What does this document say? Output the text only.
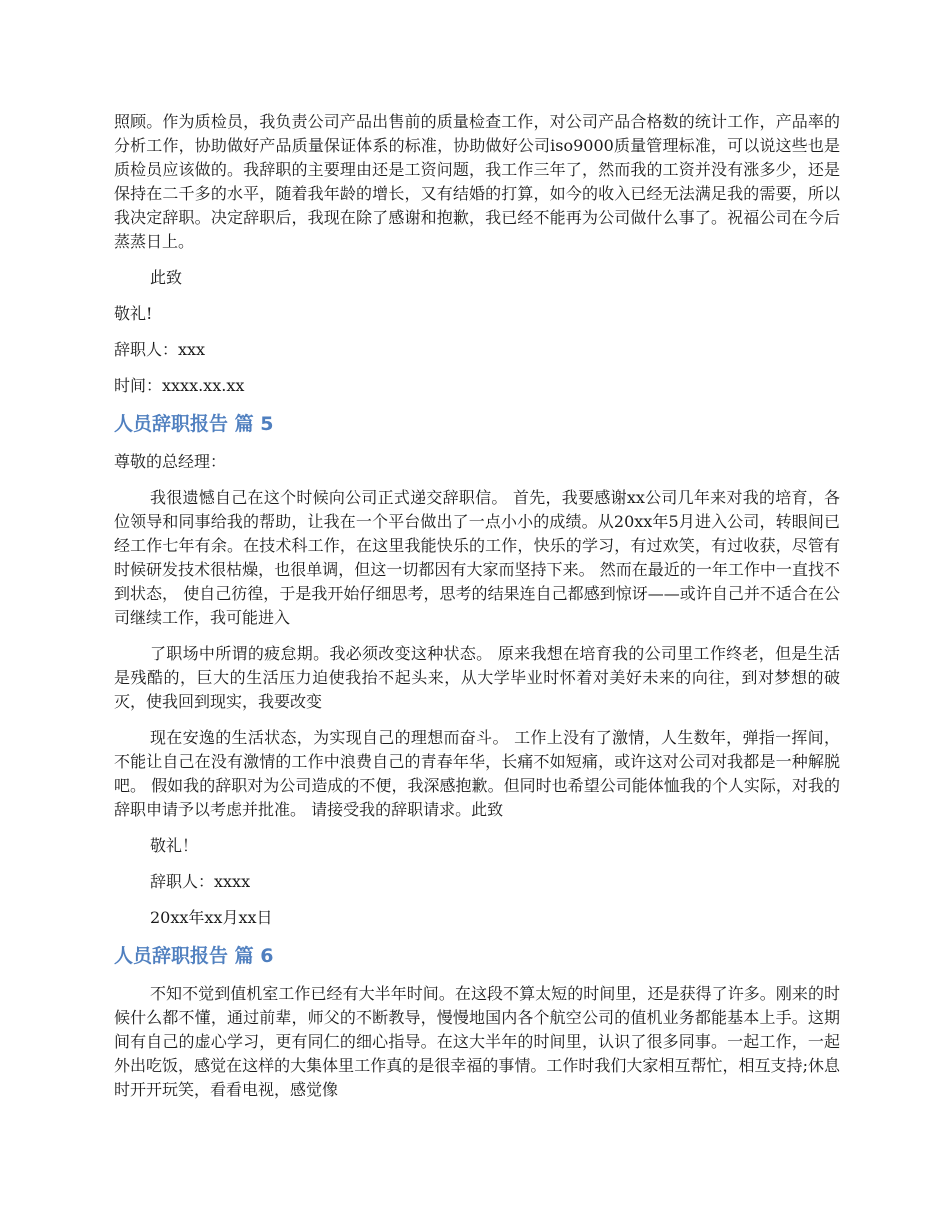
照顾。作为质检员，我负责公司产品出售前的质量检查工作，对公司产品合格数的统计工作，产品率的分析工作，协助做好产品质量保证体系的标准，协助做好公司iso9000质量管理标准，可以说这些也是质检员应该做的。我辞职的主要理由还是工资问题，我工作三年了，然而我的工资并没有涨多少，还是保持在二千多的水平，随着我年龄的增长，又有结婚的打算，如今的收入已经无法满足我的需要，所以我决定辞职。决定辞职后，我现在除了感谢和抱歉，我已经不能再为公司做什么事了。祝福公司在今后蒸蒸日上。

此致

敬礼!

辞职人：xxx

时间：xxxx.xx.xx

人员辞职报告 篇 5

尊敬的总经理：

我很遗憾自己在这个时候向公司正式递交辞职信。 首先，我要感谢xx公司几年来对我的培育，各位领导和同事给我的帮助，让我在一个平台做出了一点小小的成绩。从20xx年5月进入公司，转眼间已经工作七年有余。在技术科工作，在这里我能快乐的工作，快乐的学习，有过欢笑，有过收获，尽管有时候研发技术很枯燥，也很单调，但这一切都因有大家而坚持下来。 然而在最近的一年工作中一直找不到状态， 使自己彷徨，于是我开始仔细思考，思考的结果连自己都感到惊讶——或许自己并不适合在公司继续工作，我可能进入

了职场中所谓的疲怠期。我必须改变这种状态。 原来我想在培育我的公司里工作终老，但是生活是残酷的，巨大的生活压力迫使我抬不起头来，从大学毕业时怀着对美好未来的向往，到对梦想的破灭，使我回到现实，我要改变

现在安逸的生活状态，为实现自己的理想而奋斗。 工作上没有了激情，人生数年，弹指一挥间，不能让自己在没有激情的工作中浪费自己的青春年华，长痛不如短痛，或许这对公司对我都是一种解脱吧。 假如我的辞职对为公司造成的不便，我深感抱歉。但同时也希望公司能体恤我的个人实际，对我的辞职申请予以考虑并批准。 请接受我的辞职请求。此致

敬礼！

辞职人：xxxx

20xx年xx月xx日

人员辞职报告 篇 6

不知不觉到值机室工作已经有大半年时间。在这段不算太短的时间里，还是获得了许多。刚来的时候什么都不懂，通过前辈，师父的不断教导，慢慢地国内各个航空公司的值机业务都能基本上手。这期间有自己的虚心学习，更有同仁的细心指导。在这大半年的时间里，认识了很多同事。一起工作，一起外出吃饭，感觉在这样的大集体里工作真的是很幸福的事情。工作时我们大家相互帮忙，相互支持;休息时开开玩笑，看看电视，感觉像
